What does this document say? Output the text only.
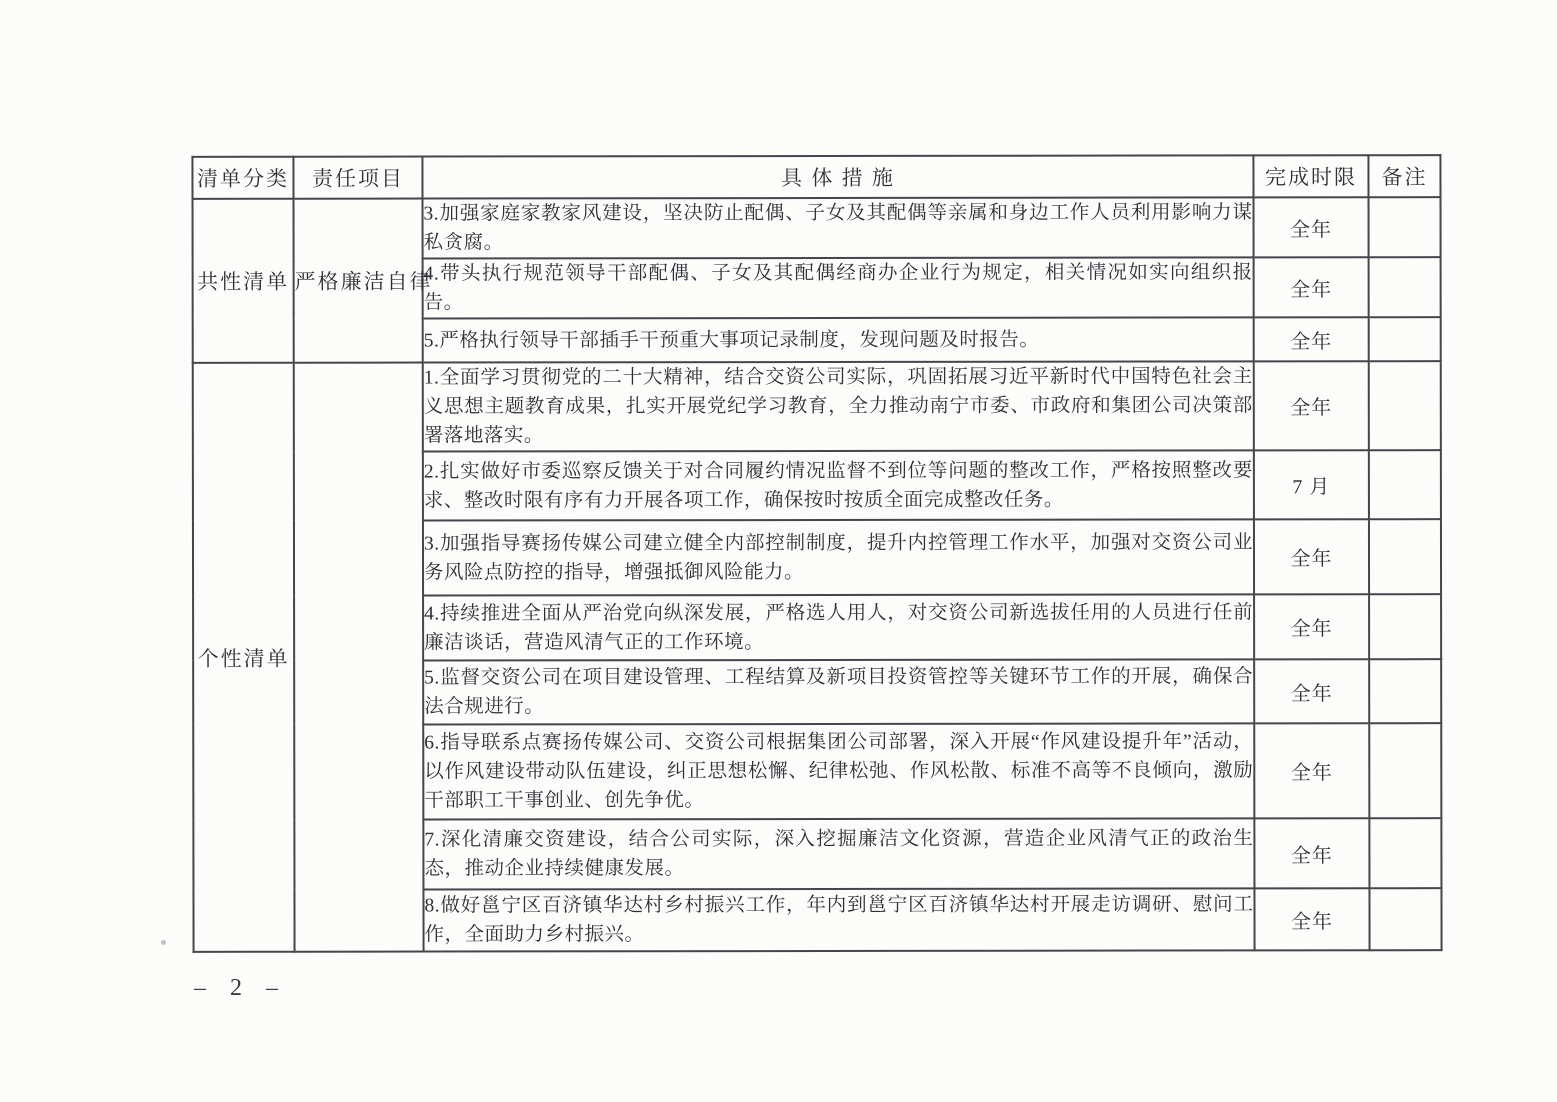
清单分类	责任项目	具 体 措 施	完成时限	备注
共性清单	严格廉洁自律	3.加强家庭家教家风建设，坚决防止配偶、子女及其配偶等亲属和身边工作人员利用影响力谋私贪腐。	全年	
		4.带头执行规范领导干部配偶、子女及其配偶经商办企业行为规定，相关情况如实向组织报告。	全年	
		5.严格执行领导干部插手干预重大事项记录制度，发现问题及时报告。	全年	
个性清单		1.全面学习贯彻党的二十大精神，结合交资公司实际，巩固拓展习近平新时代中国特色社会主义思想主题教育成果，扎实开展党纪学习教育，全力推动南宁市委、市政府和集团公司决策部署落地落实。	全年	
		2.扎实做好市委巡察反馈关于对合同履约情况监督不到位等问题的整改工作，严格按照整改要求、整改时限有序有力开展各项工作，确保按时按质全面完成整改任务。	7 月	
		3.加强指导赛扬传媒公司建立健全内部控制制度，提升内控管理工作水平，加强对交资公司业务风险点防控的指导，增强抵御风险能力。	全年	
		4.持续推进全面从严治党向纵深发展，严格选人用人，对交资公司新选拔任用的人员进行任前廉洁谈话，营造风清气正的工作环境。	全年	
		5.监督交资公司在项目建设管理、工程结算及新项目投资管控等关键环节工作的开展，确保合法合规进行。	全年	
		6.指导联系点赛扬传媒公司、交资公司根据集团公司部署，深入开展“作风建设提升年”活动，以作风建设带动队伍建设，纠正思想松懈、纪律松弛、作风松散、标准不高等不良倾向，激励干部职工干事创业、创先争优。	全年	
		7.深化清廉交资建设，结合公司实际，深入挖掘廉洁文化资源，营造企业风清气正的政治生态，推动企业持续健康发展。	全年	
		8.做好邕宁区百济镇华达村乡村振兴工作，年内到邕宁区百济镇华达村开展走访调研、慰问工作，全面助力乡村振兴。	全年	
– 2 –
